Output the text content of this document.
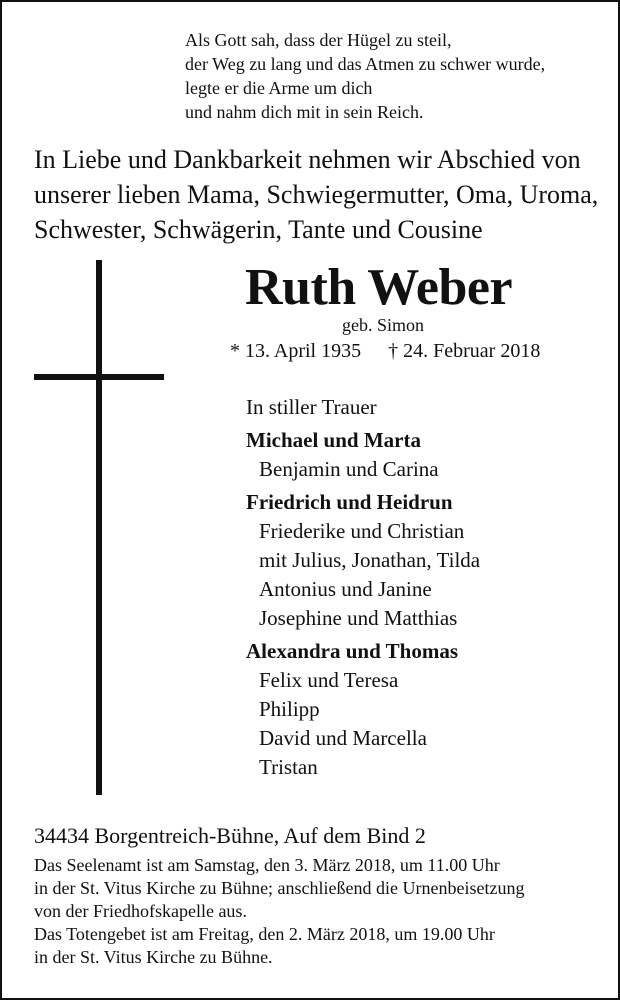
Als Gott sah, dass der Hügel zu steil,
der Weg zu lang und das Atmen zu schwer wurde,
legte er die Arme um dich
und nahm dich mit in sein Reich.
In Liebe und Dankbarkeit nehmen wir Abschied von
unserer lieben Mama, Schwiegermutter, Oma, Uroma,
Schwester, Schwägerin, Tante und Cousine
Ruth Weber
geb. Simon
* 13. April 1935 † 24. Februar 2018
In stiller Trauer
Michael und Marta
Benjamin und Carina
Friedrich und Heidrun
Friederike und Christian
mit Julius, Jonathan, Tilda
Antonius und Janine
Josephine und Matthias
Alexandra und Thomas
Felix und Teresa
Philipp
David und Marcella
Tristan
34434 Borgentreich-Bühne, Auf dem Bind 2
Das Seelenamt ist am Samstag, den 3. März 2018, um 11.00 Uhr
in der St. Vitus Kirche zu Bühne; anschließend die Urnenbeisetzung
von der Friedhofskapelle aus.
Das Totengebet ist am Freitag, den 2. März 2018, um 19.00 Uhr
in der St. Vitus Kirche zu Bühne.
